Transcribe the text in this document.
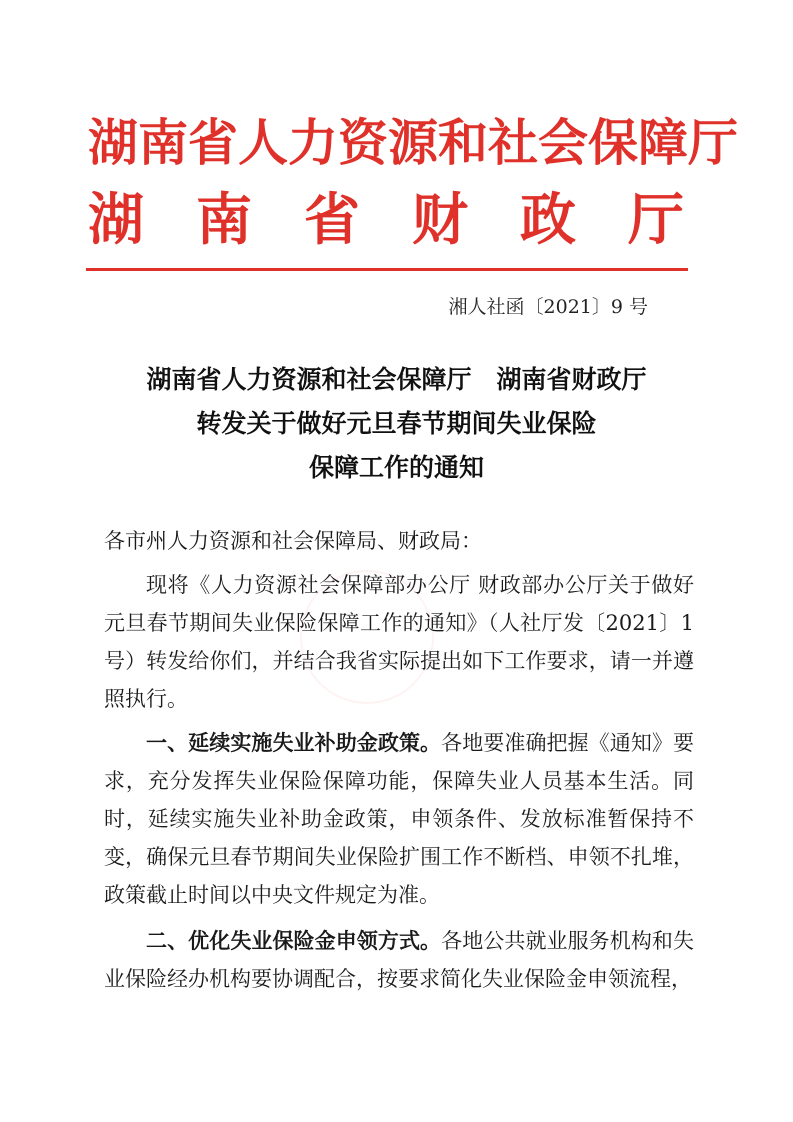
湖南省人力资源和社会保障厅
湖 南 省 财 政 厅
湘人社函〔2021〕9 号
湖南省人力资源和社会保障厅　湖南省财政厅
转发关于做好元旦春节期间失业保险
保障工作的通知
各市州人力资源和社会保障局、财政局：
现将《人力资源社会保障部办公厅 财政部办公厅关于做好元旦春节期间失业保险保障工作的通知》（人社厅发〔2021〕1号）转发给你们，并结合我省实际提出如下工作要求，请一并遵照执行。
一、延续实施失业补助金政策。各地要准确把握《通知》要求，充分发挥失业保险保障功能，保障失业人员基本生活。同时，延续实施失业补助金政策，申领条件、发放标准暂保持不变，确保元旦春节期间失业保险扩围工作不断档、申领不扎堆，政策截止时间以中央文件规定为准。
二、优化失业保险金申领方式。各地公共就业服务机构和失业保险经办机构要协调配合，按要求简化失业保险金申领流程，
